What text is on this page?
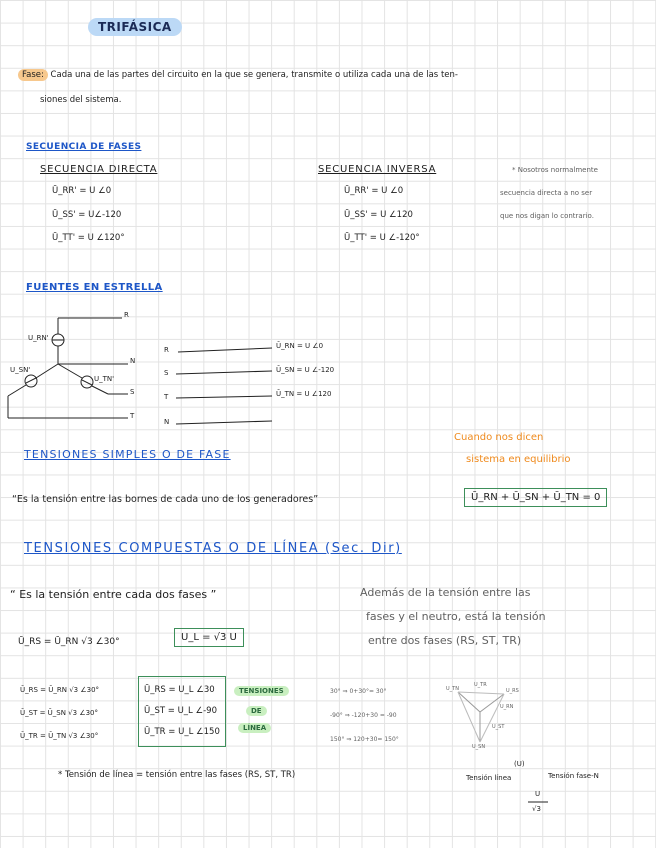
TRIFÁSICA
Fase: Cada una de las partes del circuito en la que se genera, transmite o utiliza cada una de las ten-
siones del sistema.
SECUENCIA DE FASES
SECUENCIA DIRECTA
Ū_RR' = U ∠0
Ū_SS' = U∠-120
Ū_TT' = U ∠120°
SECUENCIA INVERSA
Ū_RR' = U ∠0
Ū_SS' = U ∠120
Ū_TT' = U ∠-120°
* Nosotros normalmente
secuencia directa a no ser
que nos digan lo contrario.
FUENTES EN ESTRELLA
R
N
S
T
U_RN'
U_SN'
U_TN'
R
S
T
N
Ū_RN = U ∠0
Ū_SN = U ∠-120
Ū_TN = U ∠120
TENSIONES SIMPLES O DE FASE
Cuando nos dicen
sistema en equilibrio
“Es la tensión entre las bornes de cada uno de los generadores”	Ū_RN + Ū_SN + Ū_TN = 0
TENSIONES COMPUESTAS O DE LÍNEA (Sec. Dir)
“ Es la tensión entre cada dos fases ”	Además de la tensión entre las
fases y el neutro, está la tensión
entre dos fases (RS, ST, TR)
Ū_RS = Ū_RN √3 ∠30°	U_L = √3 U
Ū_RS = Ū_RN √3 ∠30°
Ū_ST = Ū_SN √3 ∠30°
Ū_TR = Ū_TN √3 ∠30°
Ū_RS = U_L ∠30
Ū_ST = U_L ∠-90
Ū_TR = U_L ∠150
TENSIONES
DE
LÍNEA
30° ⇒ 0+30°= 30°
-90° ⇒ -120+30 = -90
150° ⇒ 120+30= 150°
U_TN
U_TR
U_RS
U_RN
U_SN
U_ST
* Tensión de línea = tensión entre las fases (RS, ST, TR)
(U)
Tensión línea	Tensión fase-N
U
√3
